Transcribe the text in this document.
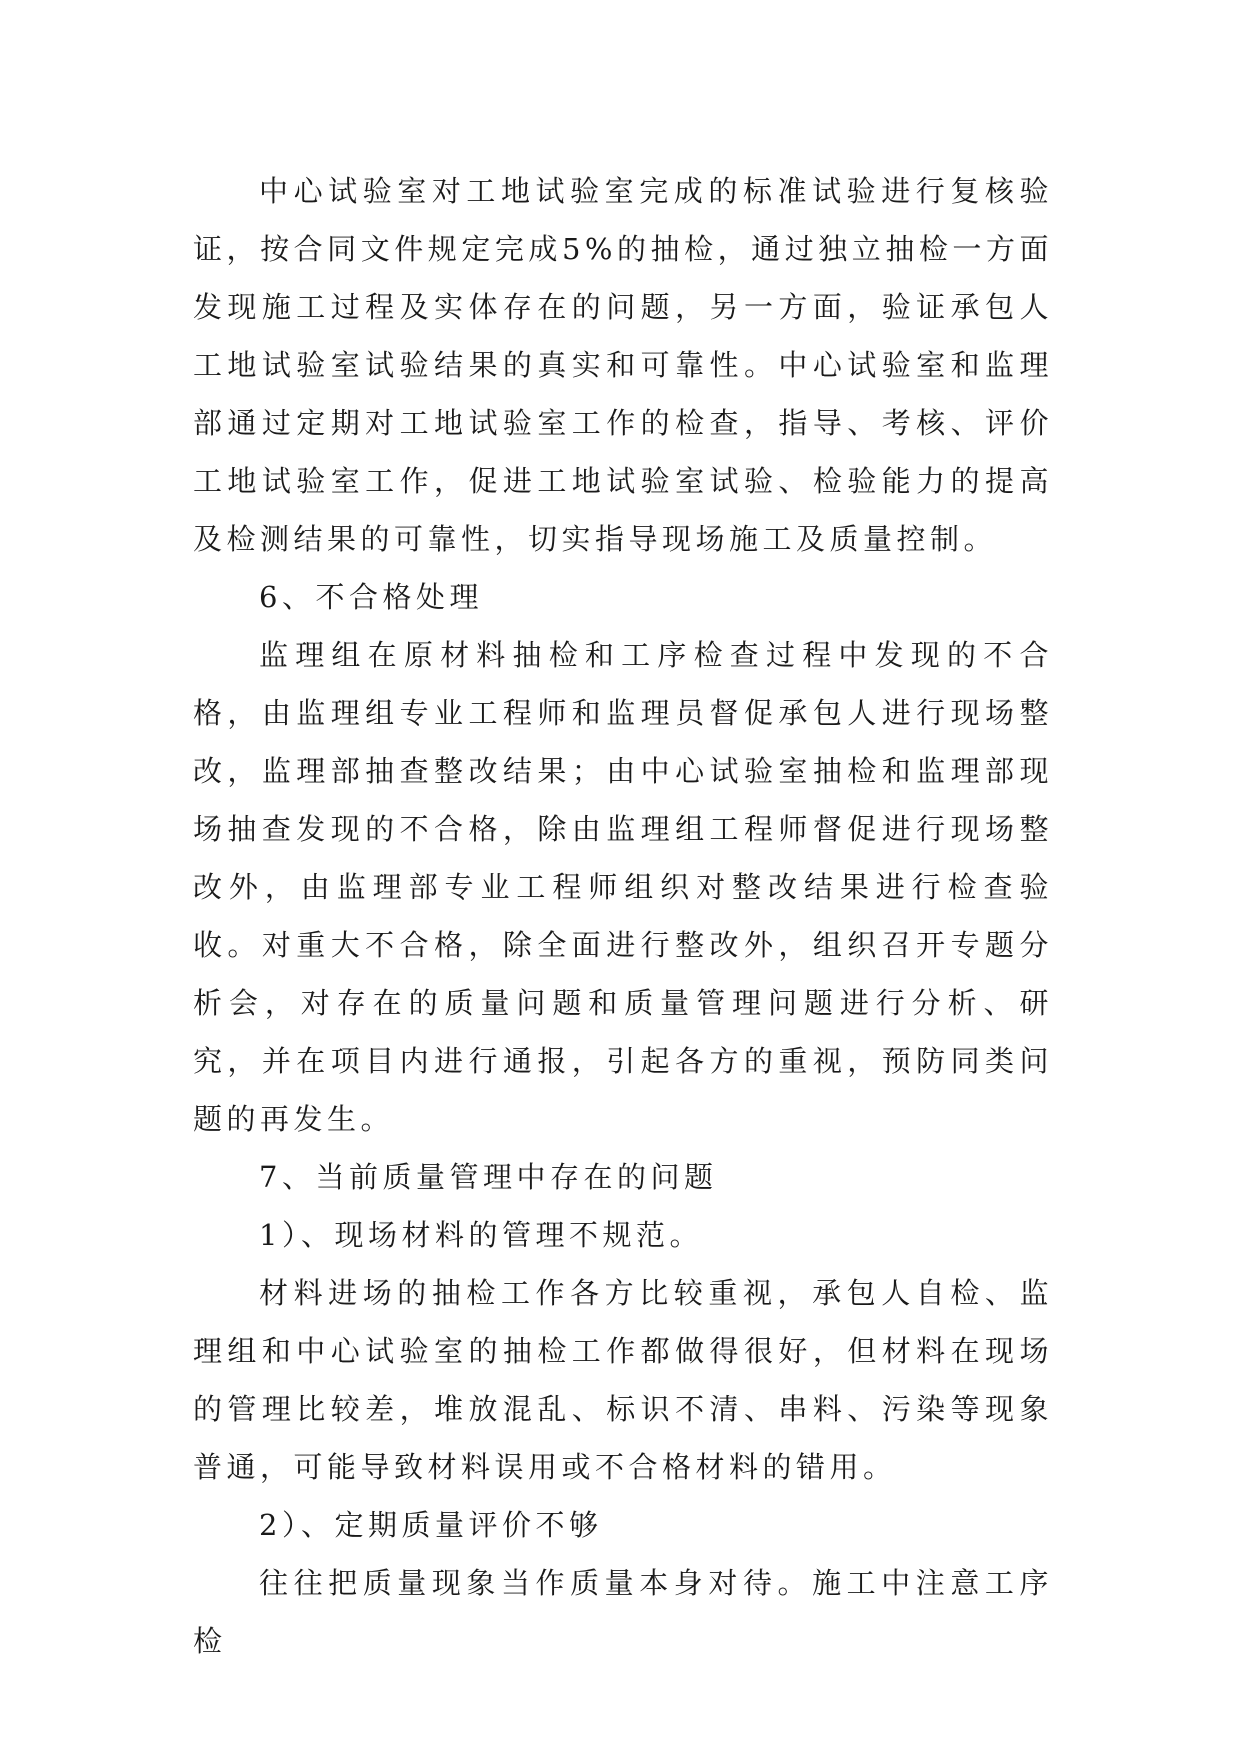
中心试验室对工地试验室完成的标准试验进行复核验证，按合同文件规定完成5%的抽检，通过独立抽检一方面发现施工过程及实体存在的问题，另一方面，验证承包人工地试验室试验结果的真实和可靠性。中心试验室和监理部通过定期对工地试验室工作的检查，指导、考核、评价工地试验室工作，促进工地试验室试验、检验能力的提高及检测结果的可靠性，切实指导现场施工及质量控制。

6、不合格处理

监理组在原材料抽检和工序检查过程中发现的不合格，由监理组专业工程师和监理员督促承包人进行现场整改，监理部抽查整改结果；由中心试验室抽检和监理部现场抽查发现的不合格，除由监理组工程师督促进行现场整改外，由监理部专业工程师组织对整改结果进行检查验收。对重大不合格，除全面进行整改外，组织召开专题分析会，对存在的质量问题和质量管理问题进行分析、研究，并在项目内进行通报，引起各方的重视，预防同类问题的再发生。

7、当前质量管理中存在的问题

1）、现场材料的管理不规范。

材料进场的抽检工作各方比较重视，承包人自检、监理组和中心试验室的抽检工作都做得很好，但材料在现场的管理比较差，堆放混乱、标识不清、串料、污染等现象普通，可能导致材料误用或不合格材料的错用。

2）、定期质量评价不够

往往把质量现象当作质量本身对待。施工中注意工序检
